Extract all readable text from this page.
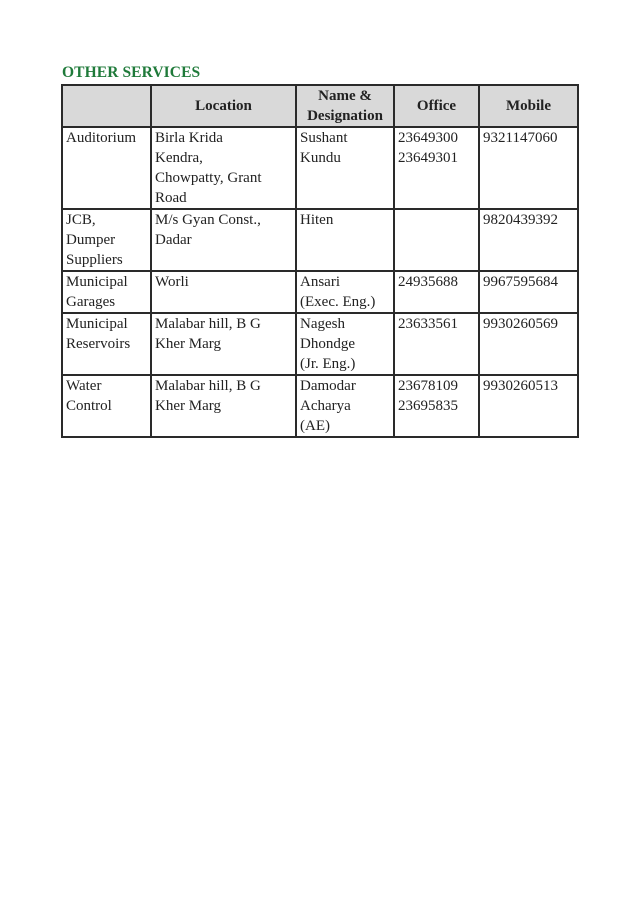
OTHER SERVICES
	Location	Name &
Designation	Office	Mobile

Auditorium	Birla Krida
Kendra,
Chowpatty, Grant
Road	Sushant
Kundu	23649300
23649301	9321147060

JCB,
Dumper
Suppliers	M/s Gyan Const.,
Dadar	Hiten		9820439392

Municipal
Garages	Worli	Ansari
(Exec. Eng.)	24935688	9967595684

Municipal
Reservoirs	Malabar hill, B G
Kher Marg	Nagesh
Dhondge
(Jr. Eng.)	23633561	9930260569

Water
Control	Malabar hill, B G
Kher Marg	Damodar
Acharya
(AE)	23678109
23695835	9930260513
